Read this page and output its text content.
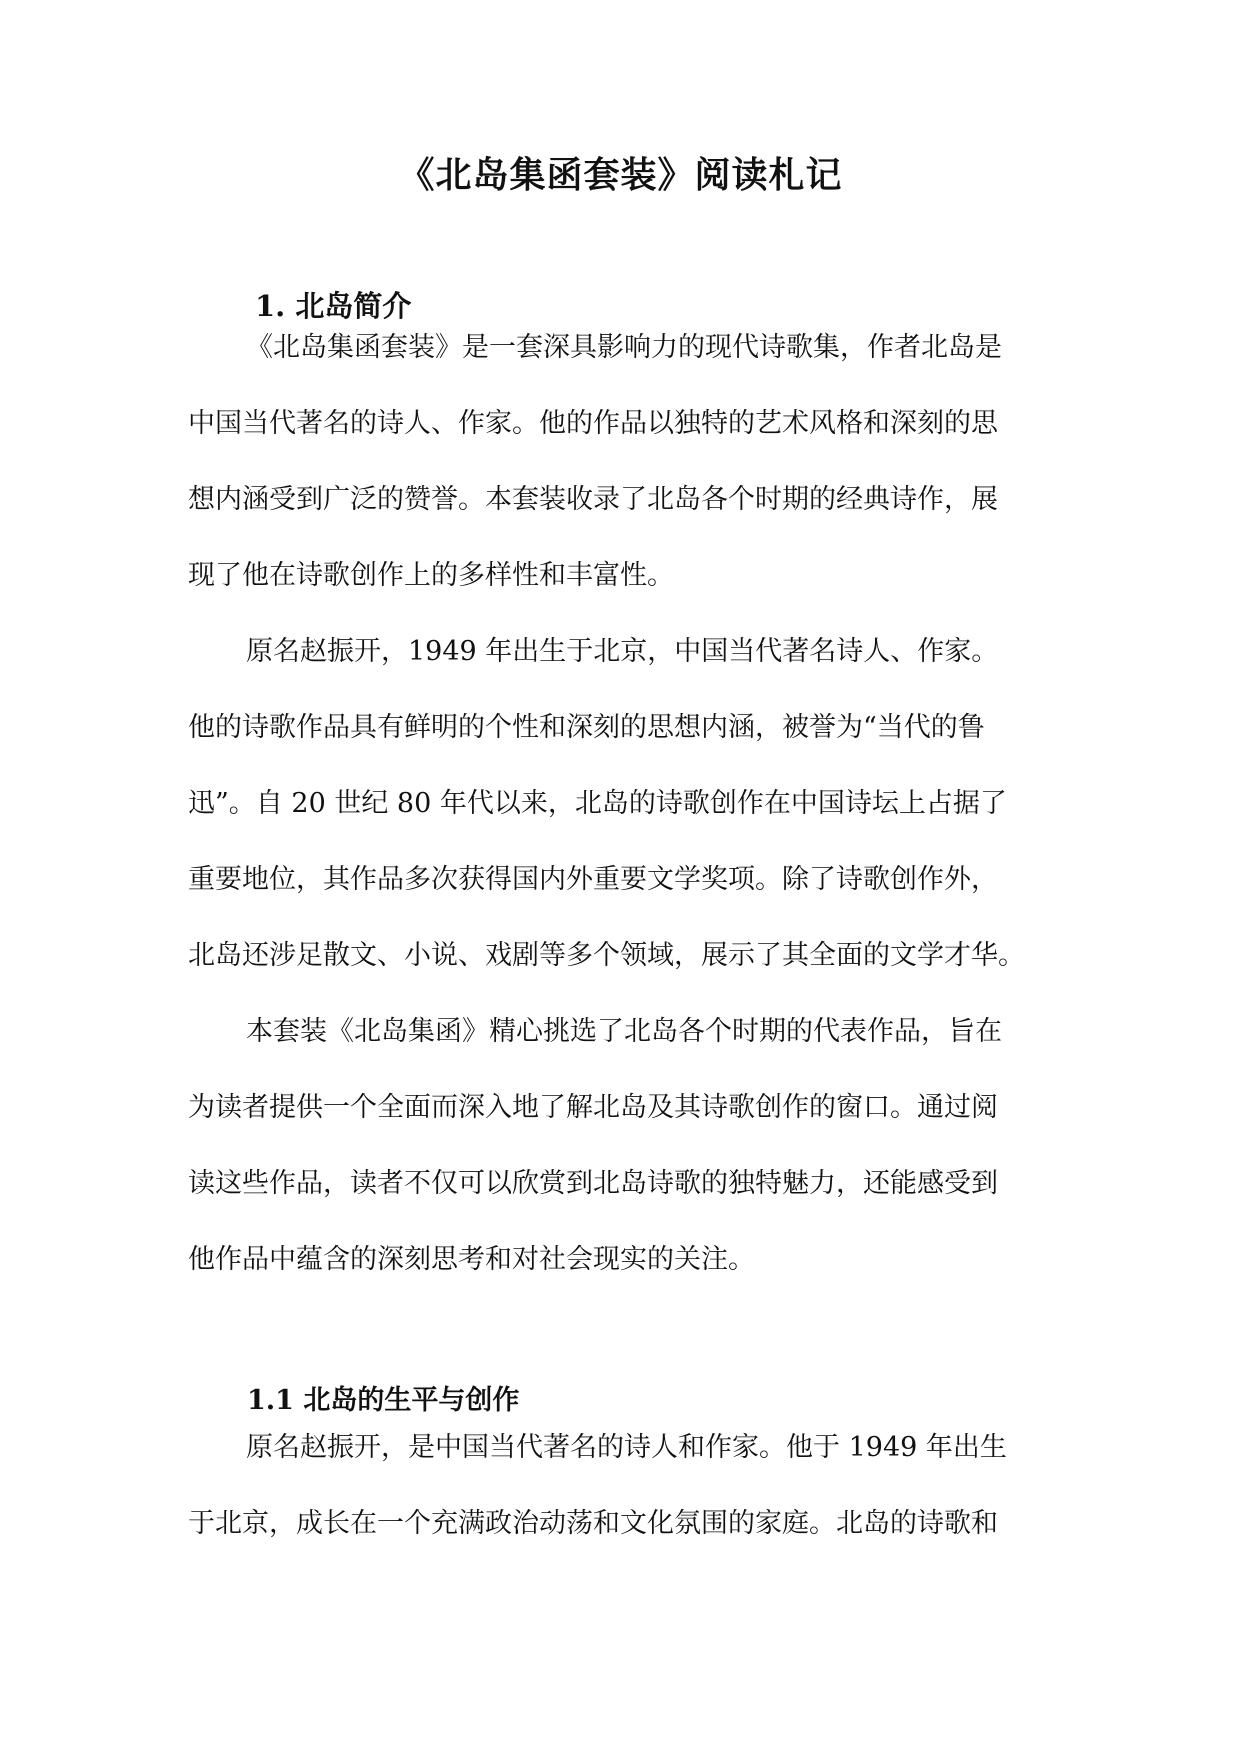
《北岛集函套装》阅读札记
1. 北岛简介
《北岛集函套装》是一套深具影响力的现代诗歌集，作者北岛是
中国当代著名的诗人、作家。他的作品以独特的艺术风格和深刻的思
想内涵受到广泛的赞誉。本套装收录了北岛各个时期的经典诗作，展
现了他在诗歌创作上的多样性和丰富性。
原名赵振开，1949 年出生于北京，中国当代著名诗人、作家。
他的诗歌作品具有鲜明的个性和深刻的思想内涵，被誉为“当代的鲁
迅”。自 20 世纪 80 年代以来，北岛的诗歌创作在中国诗坛上占据了
重要地位，其作品多次获得国内外重要文学奖项。除了诗歌创作外，
北岛还涉足散文、小说、戏剧等多个领域，展示了其全面的文学才华。
本套装《北岛集函》精心挑选了北岛各个时期的代表作品，旨在
为读者提供一个全面而深入地了解北岛及其诗歌创作的窗口。通过阅
读这些作品，读者不仅可以欣赏到北岛诗歌的独特魅力，还能感受到
他作品中蕴含的深刻思考和对社会现实的关注。
1.1 北岛的生平与创作
原名赵振开，是中国当代著名的诗人和作家。他于 1949 年出生
于北京，成长在一个充满政治动荡和文化氛围的家庭。北岛的诗歌和
